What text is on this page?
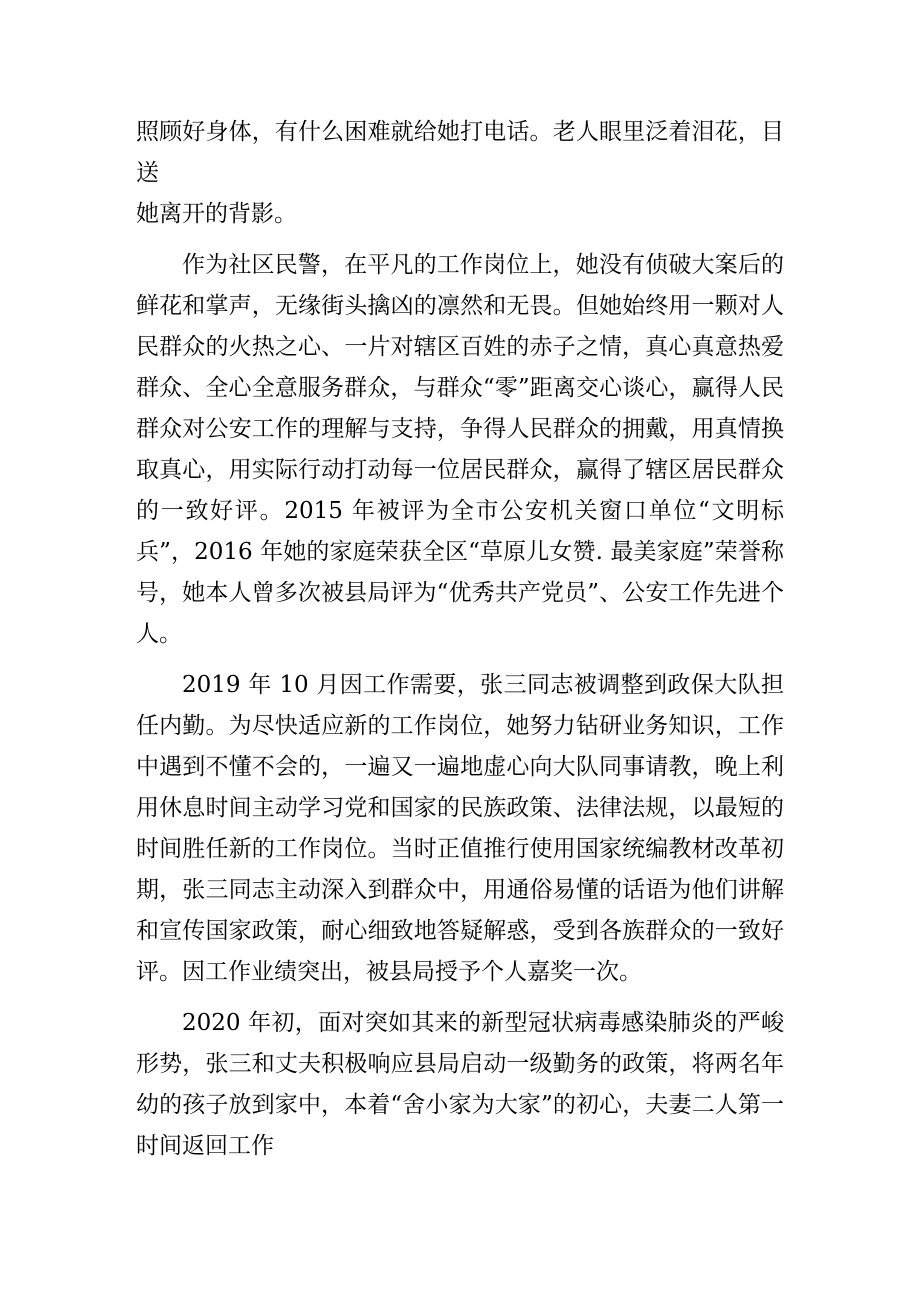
照顾好身体，有什么困难就给她打电话。老人眼里泛着泪花，目送
她离开的背影。

作为社区民警，在平凡的工作岗位上，她没有侦破大案后的鲜花和掌声，无缘街头擒凶的凛然和无畏。但她始终用一颗对人民群众的火热之心、一片对辖区百姓的赤子之情，真心真意热爱群众、全心全意服务群众，与群众“零”距离交心谈心，赢得人民群众对公安工作的理解与支持，争得人民群众的拥戴，用真情换取真心，用实际行动打动每一位居民群众，赢得了辖区居民群众的一致好评。2015 年被评为全市公安机关窗口单位“文明标兵”，2016 年她的家庭荣获全区“草原儿女赞. 最美家庭”荣誉称号，她本人曾多次被县局评为“优秀共产党员”、公安工作先进个人。

2019 年 10 月因工作需要，张三同志被调整到政保大队担任内勤。为尽快适应新的工作岗位，她努力钻研业务知识，工作中遇到不懂不会的，一遍又一遍地虚心向大队同事请教，晚上利用休息时间主动学习党和国家的民族政策、法律法规，以最短的时间胜任新的工作岗位。当时正值推行使用国家统编教材改革初期，张三同志主动深入到群众中，用通俗易懂的话语为他们讲解和宣传国家政策，耐心细致地答疑解惑，受到各族群众的一致好评。因工作业绩突出，被县局授予个人嘉奖一次。

2020 年初，面对突如其来的新型冠状病毒感染肺炎的严峻形势，张三和丈夫积极响应县局启动一级勤务的政策，将两名年幼的孩子放到家中，本着“舍小家为大家”的初心，夫妻二人第一时间返回工作
